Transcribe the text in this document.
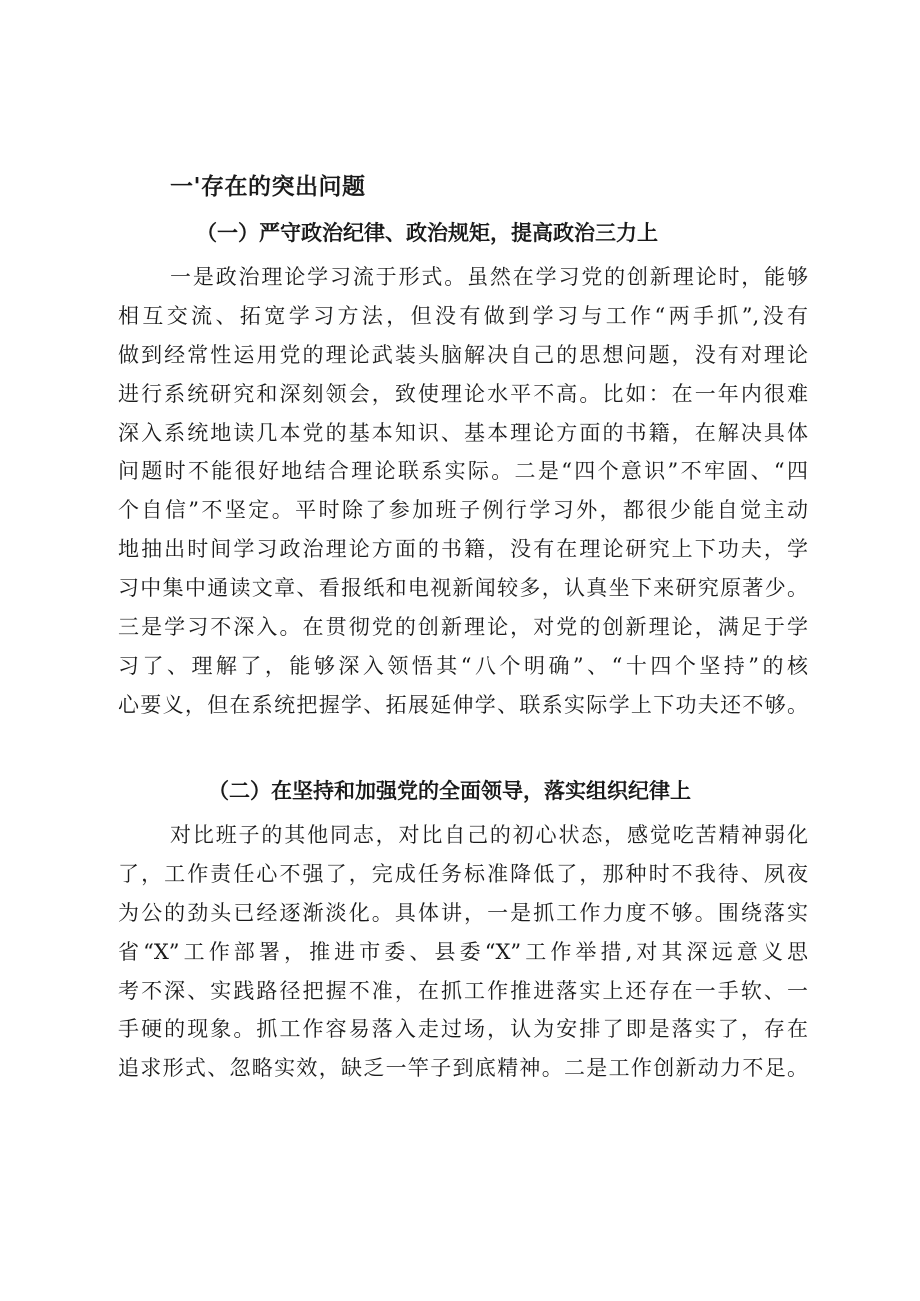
一'存在的突出问题
（一）严守政治纪律、政治规矩，提高政治三力上
一是政治理论学习流于形式。虽然在学习党的创新理论时，能够
相互交流、拓宽学习方法，但没有做到学习与工作“两手抓”,没有
做到经常性运用党的理论武装头脑解决自己的思想问题，没有对理论
进行系统研究和深刻领会，致使理论水平不高。比如：在一年内很难
深入系统地读几本党的基本知识、基本理论方面的书籍，在解决具体
问题时不能很好地结合理论联系实际。二是“四个意识”不牢固、“四
个自信”不坚定。平时除了参加班子例行学习外，都很少能自觉主动
地抽出时间学习政治理论方面的书籍，没有在理论研究上下功夫，学
习中集中通读文章、看报纸和电视新闻较多，认真坐下来研究原著少。
三是学习不深入。在贯彻党的创新理论，对党的创新理论，满足于学
习了、理解了，能够深入领悟其“八个明确”、“十四个坚持”的核
心要义，但在系统把握学、拓展延伸学、联系实际学上下功夫还不够。
（二）在坚持和加强党的全面领导，落实组织纪律上
对比班子的其他同志，对比自己的初心状态，感觉吃苦精神弱化
了，工作责任心不强了，完成任务标准降低了，那种时不我待、夙夜
为公的劲头已经逐渐淡化。具体讲，一是抓工作力度不够。围绕落实
省“X”工作部署，推进市委、县委“X”工作举措,对其深远意义思
考不深、实践路径把握不准，在抓工作推进落实上还存在一手软、一
手硬的现象。抓工作容易落入走过场，认为安排了即是落实了，存在
追求形式、忽略实效，缺乏一竿子到底精神。二是工作创新动力不足。
